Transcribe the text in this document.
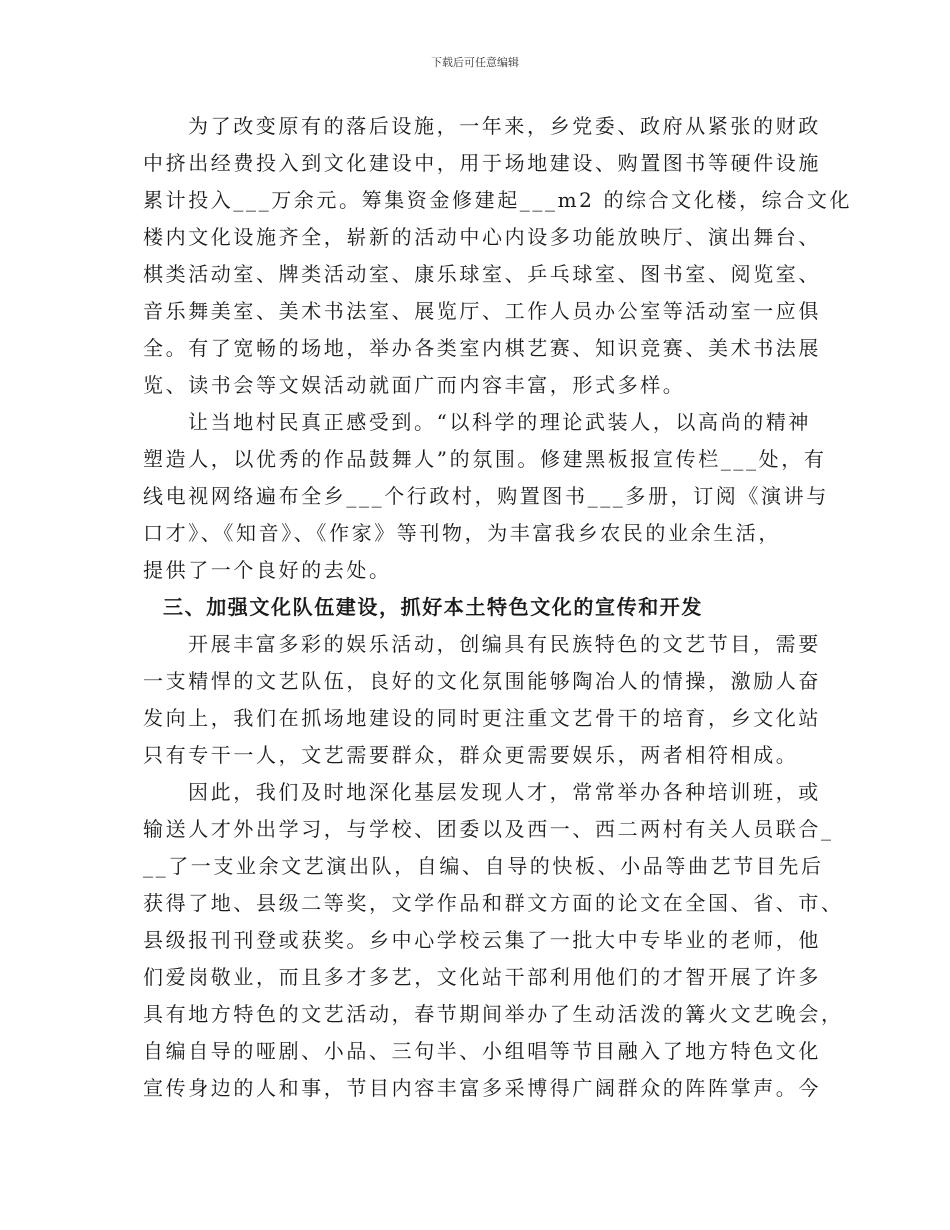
下载后可任意编辑
为了改变原有的落后设施，一年来，乡党委、政府从紧张的财政
中挤出经费投入到文化建设中，用于场地建设、购置图书等硬件设施
累计投入___万余元。筹集资金修建起___m2 的综合文化楼，综合文化
楼内文化设施齐全，崭新的活动中心内设多功能放映厅、演出舞台、
棋类活动室、牌类活动室、康乐球室、乒乓球室、图书室、阅览室、
音乐舞美室、美术书法室、展览厅、工作人员办公室等活动室一应俱
全。有了宽畅的场地，举办各类室内棋艺赛、知识竞赛、美术书法展
览、读书会等文娱活动就面广而内容丰富，形式多样。
让当地村民真正感受到。“以科学的理论武装人，以高尚的精神
塑造人，以优秀的作品鼓舞人”的氛围。修建黑板报宣传栏___处，有
线电视网络遍布全乡___个行政村，购置图书___多册，订阅《演讲与
口才》、《知音》、《作家》等刊物，为丰富我乡农民的业余生活，
提供了一个良好的去处。
三、加强文化队伍建设，抓好本土特色文化的宣传和开发
开展丰富多彩的娱乐活动，创编具有民族特色的文艺节目，需要
一支精悍的文艺队伍，良好的文化氛围能够陶冶人的情操，激励人奋
发向上，我们在抓场地建设的同时更注重文艺骨干的培育，乡文化站
只有专干一人，文艺需要群众，群众更需要娱乐，两者相符相成。
因此，我们及时地深化基层发现人才，常常举办各种培训班，或
输送人才外出学习，与学校、团委以及西一、西二两村有关人员联合_
__了一支业余文艺演出队，自编、自导的快板、小品等曲艺节目先后
获得了地、县级二等奖，文学作品和群文方面的论文在全国、省、市、
县级报刊刊登或获奖。乡中心学校云集了一批大中专毕业的老师，他
们爱岗敬业，而且多才多艺，文化站干部利用他们的才智开展了许多
具有地方特色的文艺活动，春节期间举办了生动活泼的篝火文艺晚会，
自编自导的哑剧、小品、三句半、小组唱等节目融入了地方特色文化
宣传身边的人和事，节目内容丰富多采博得广阔群众的阵阵掌声。今
